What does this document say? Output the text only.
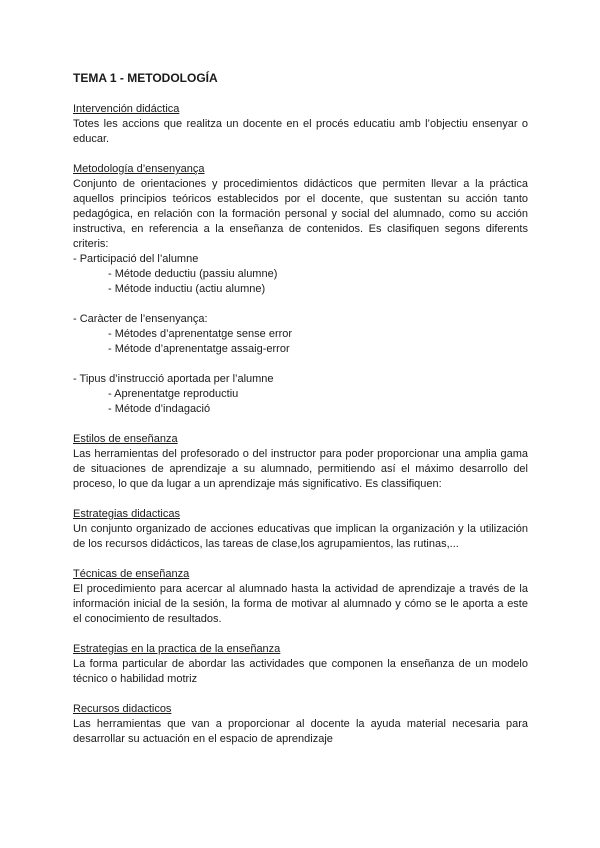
TEMA 1 - METODOLOGÍA
Intervención didáctica
Totes les accions que realitza un docente en el procés educatiu amb l’objectiu ensenyar o educar.
Metodología d’ensenyança
Conjunto de orientaciones y procedimientos didácticos que permiten llevar a la práctica aquellos principios teóricos establecidos por el docente, que sustentan su acción tanto pedagógica, en relación con la formación personal y social del alumnado, como su acción instructiva, en referencia a la enseñanza de contenidos. Es clasifiquen segons diferents criteris:
- Participació del l’alumne
- Métode deductiu (passiu alumne)
- Métode inductiu (actiu alumne)
- Caràcter de l’ensenyança:
- Métodes d’aprenentatge sense error
- Métode d’aprenentatge assaig-error
- Tipus d’instrucció aportada per l’alumne
- Aprenentatge reproductiu
- Métode d’indagació
Estilos de enseñanza
Las herramientas del profesorado o del instructor para poder proporcionar una amplia gama de situaciones de aprendizaje a su alumnado, permitiendo así el máximo desarrollo del proceso, lo que da lugar a un aprendizaje más significativo. Es classifiquen:
Estrategias didacticas
Un conjunto organizado de acciones educativas que implican la organización y la utilización de los recursos didácticos, las tareas de clase,los agrupamientos, las rutinas,...
Técnicas de enseñanza
El procedimiento para acercar al alumnado hasta la actividad de aprendizaje a través de la información inicial de la sesión, la forma de motivar al alumnado y cómo se le aporta a este el conocimiento de resultados.
Estrategias en la practica de la enseñanza
La forma particular de abordar las actividades que componen la enseñanza de un modelo técnico o habilidad motriz
Recursos didacticos
Las herramientas que van a proporcionar al docente la ayuda material necesaria para desarrollar su actuación en el espacio de aprendizaje
